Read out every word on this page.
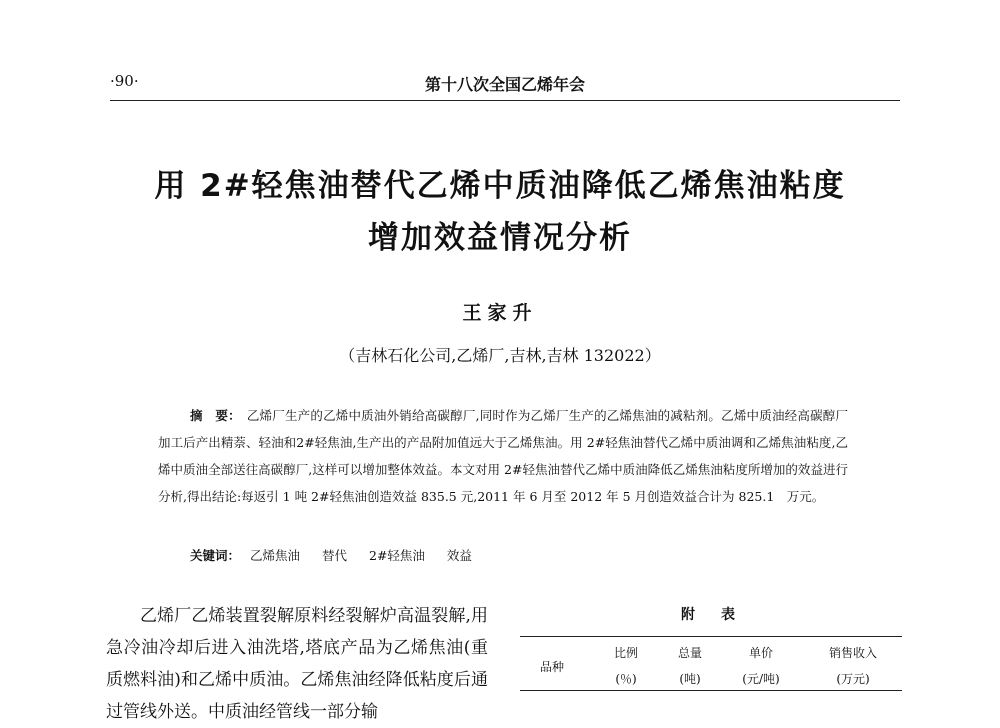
·90·	第十八次全国乙烯年会
用 2#轻焦油替代乙烯中质油降低乙烯焦油粘度
增加效益情况分析
王家升
（吉林石化公司,乙烯厂,吉林,吉林 132022）
摘　要： 乙烯厂生产的乙烯中质油外销给高碳醇厂,同时作为乙烯厂生产的乙烯焦油的减粘剂。乙烯中质油经高碳醇厂加工后产出精萘、轻油和2#轻焦油,生产出的产品附加值远大于乙烯焦油。用 2#轻焦油替代乙烯中质油调和乙烯焦油粘度,乙烯中质油全部送往高碳醇厂,这样可以增加整体效益。本文对用 2#轻焦油替代乙烯中质油降低乙烯焦油粘度所增加的效益进行分析,得出结论:每返引 1 吨 2#轻焦油创造效益 835.5 元,2011 年 6 月至 2012 年 5 月创造效益合计为 825.1　万元。
关键词： 乙烯焦油 替代 2#轻焦油 效益
乙烯厂乙烯装置裂解原料经裂解炉高温裂解,用急冷油冷却后进入油洗塔,塔底产品为乙烯焦油(重质燃料油)和乙烯中质油。乙烯焦油经降低粘度后通过管线外送。中质油经管线一部分输
附　表
品种
比例
(％)
总量
(吨)
单价
(元/吨)
销售收入
(万元)
